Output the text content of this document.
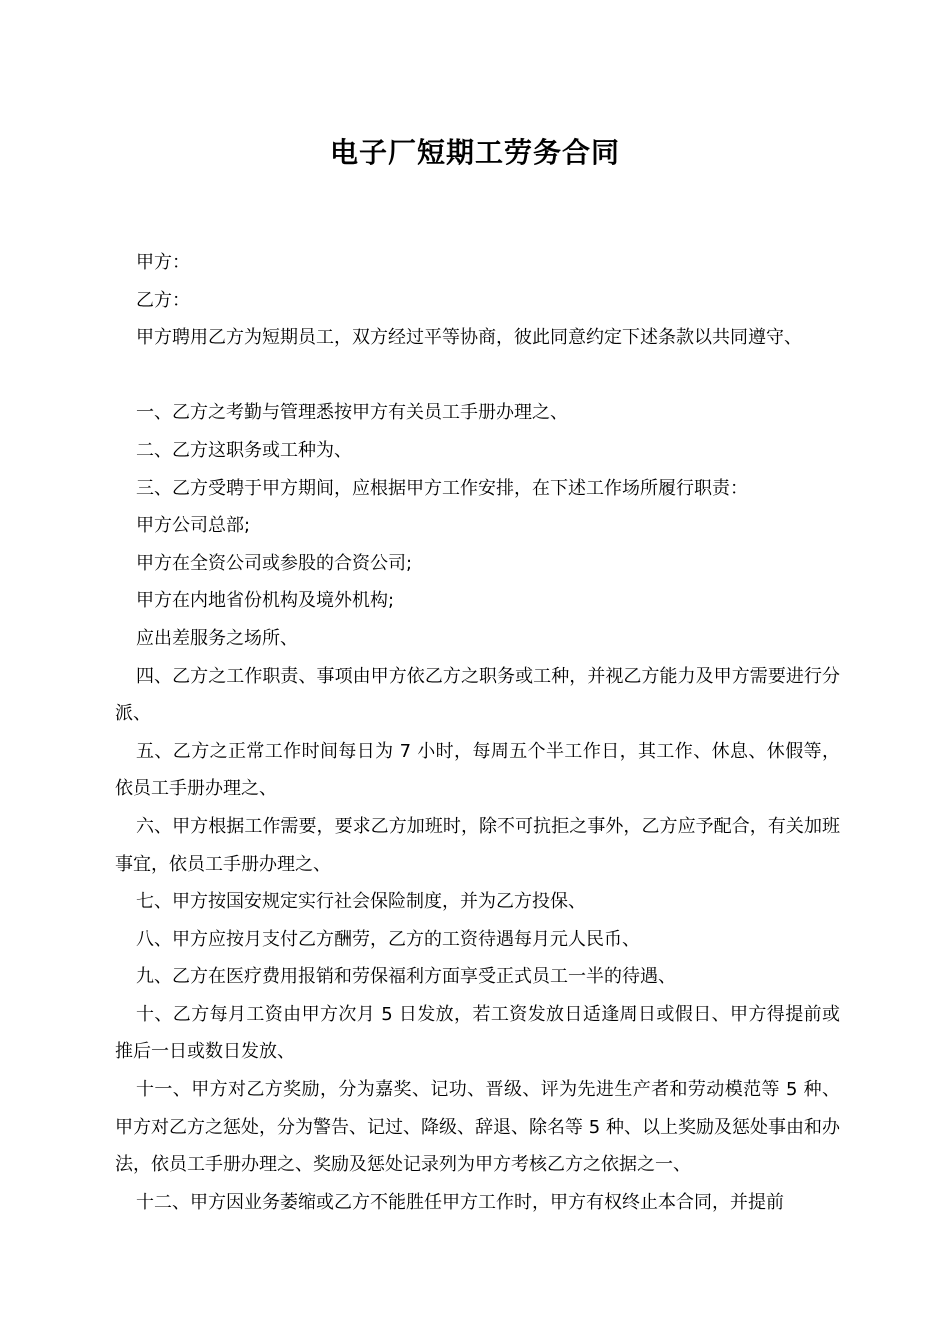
电子厂短期工劳务合同

甲方：

乙方：

甲方聘用乙方为短期员工，双方经过平等协商，彼此同意约定下述条款以共同遵守、

一、乙方之考勤与管理悉按甲方有关员工手册办理之、

二、乙方这职务或工种为、

三、乙方受聘于甲方期间，应根据甲方工作安排，在下述工作场所履行职责：

甲方公司总部;

甲方在全资公司或参股的合资公司;

甲方在内地省份机构及境外机构;

应出差服务之场所、

四、乙方之工作职责、事项由甲方依乙方之职务或工种，并视乙方能力及甲方需要进行分派、

五、乙方之正常工作时间每日为 7 小时，每周五个半工作日，其工作、休息、休假等，依员工手册办理之、

六、甲方根据工作需要，要求乙方加班时，除不可抗拒之事外，乙方应予配合，有关加班事宜，依员工手册办理之、

七、甲方按国安规定实行社会保险制度，并为乙方投保、

八、甲方应按月支付乙方酬劳，乙方的工资待遇每月元人民币、

九、乙方在医疗费用报销和劳保福利方面享受正式员工一半的待遇、

十、乙方每月工资由甲方次月 5 日发放，若工资发放日适逢周日或假日、甲方得提前或推后一日或数日发放、

十一、甲方对乙方奖励，分为嘉奖、记功、晋级、评为先进生产者和劳动模范等 5 种、甲方对乙方之惩处，分为警告、记过、降级、辞退、除名等 5 种、以上奖励及惩处事由和办法，依员工手册办理之、奖励及惩处记录列为甲方考核乙方之依据之一、

十二、甲方因业务萎缩或乙方不能胜任甲方工作时，甲方有权终止本合同，并提前
